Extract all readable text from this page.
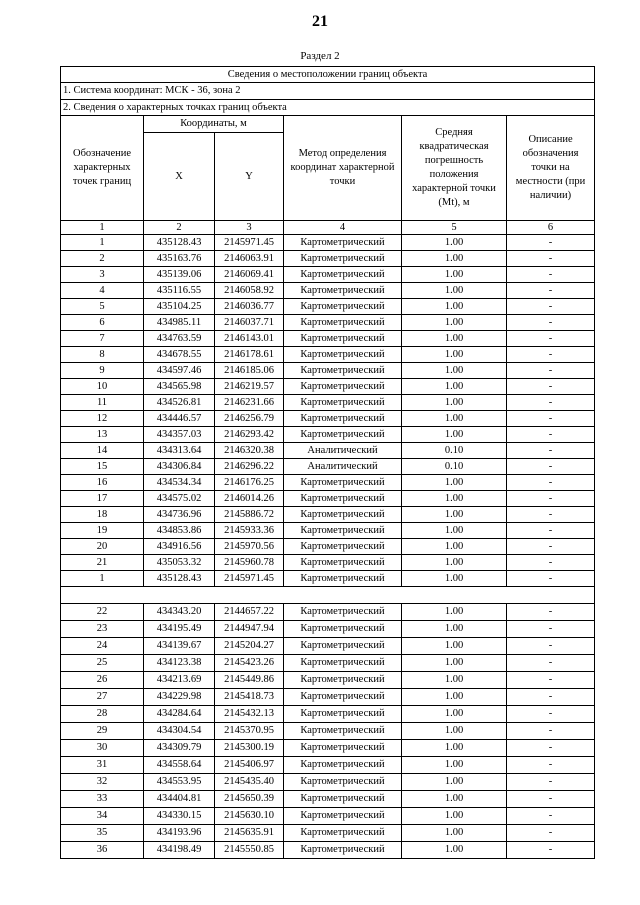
21
Раздел 2
Сведения о местоположении границ объекта					
1. Система координат: МСК - 36, зона 2					
2. Сведения о характерных точках границ объекта					
Обозначение характерных точек границ	Координаты, м		Метод определения координат характерной точки	Средняя квадратическая погрешность положения характерной точки (Mt), м	Описание обозначения точки на местности (при наличии)
	X	Y			
1	2	3	4	5	6
1	435128.43	2145971.45	Картометрический	1.00	-
2	435163.76	2146063.91	Картометрический	1.00	-
3	435139.06	2146069.41	Картометрический	1.00	-
4	435116.55	2146058.92	Картометрический	1.00	-
5	435104.25	2146036.77	Картометрический	1.00	-
6	434985.11	2146037.71	Картометрический	1.00	-
7	434763.59	2146143.01	Картометрический	1.00	-
8	434678.55	2146178.61	Картометрический	1.00	-
9	434597.46	2146185.06	Картометрический	1.00	-
10	434565.98	2146219.57	Картометрический	1.00	-
11	434526.81	2146231.66	Картометрический	1.00	-
12	434446.57	2146256.79	Картометрический	1.00	-
13	434357.03	2146293.42	Картометрический	1.00	-
14	434313.64	2146320.38	Аналитический	0.10	-
15	434306.84	2146296.22	Аналитический	0.10	-
16	434534.34	2146176.25	Картометрический	1.00	-
17	434575.02	2146014.26	Картометрический	1.00	-
18	434736.96	2145886.72	Картометрический	1.00	-
19	434853.86	2145933.36	Картометрический	1.00	-
20	434916.56	2145970.56	Картометрический	1.00	-
21	435053.32	2145960.78	Картометрический	1.00	-
1	435128.43	2145971.45	Картометрический	1.00	-

22	434343.20	2144657.22	Картометрический	1.00	-
23	434195.49	2144947.94	Картометрический	1.00	-
24	434139.67	2145204.27	Картометрический	1.00	-
25	434123.38	2145423.26	Картометрический	1.00	-
26	434213.69	2145449.86	Картометрический	1.00	-
27	434229.98	2145418.73	Картометрический	1.00	-
28	434284.64	2145432.13	Картометрический	1.00	-
29	434304.54	2145370.95	Картометрический	1.00	-
30	434309.79	2145300.19	Картометрический	1.00	-
31	434558.64	2145406.97	Картометрический	1.00	-
32	434553.95	2145435.40	Картометрический	1.00	-
33	434404.81	2145650.39	Картометрический	1.00	-
34	434330.15	2145630.10	Картометрический	1.00	-
35	434193.96	2145635.91	Картометрический	1.00	-
36	434198.49	2145550.85	Картометрический	1.00	-
